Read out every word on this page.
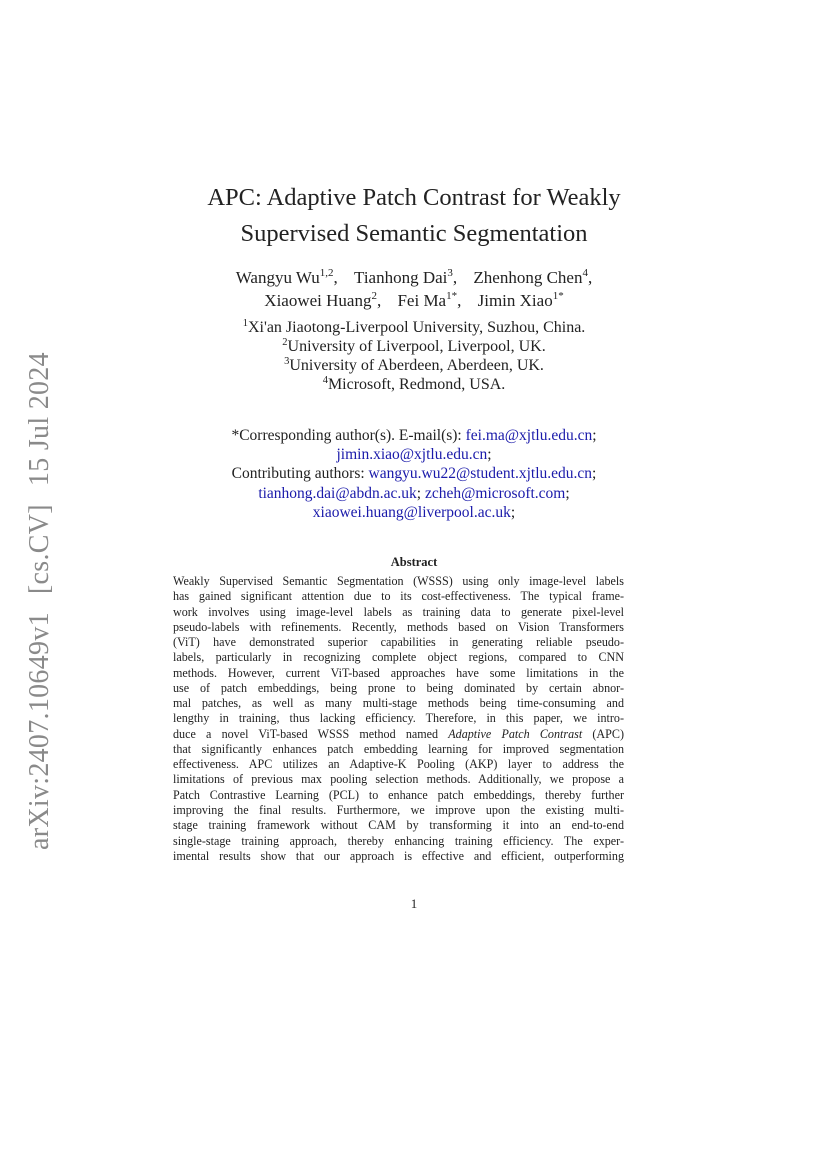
arXiv:2407.10649v1[cs.CV]15 Jul 2024
APC: Adaptive Patch Contrast for Weakly
Supervised Semantic Segmentation
Wangyu Wu$^{1,2}$, Tianhong Dai$^3$, Zhenhong Chen$^4$,
Xiaowei Huang$^2$, Fei $Ma^{1*}$, Jimin Xiao$^{1*}$
$^1$Xi'an Jiaotong-Liverpool University, Suzhou, China.
$^2$University of Liverpool, Liverpool, UK.
$^3$University of Aberdeen, Aberdeen, UK.
$^4$Microsoft, Redmond, USA.
*Corresponding author(s). E-mail(s): fei.ma@xjtlu.edu.cn;
jimin.xiao@xjtlu.edu.cn;
Contributing authors: wangyu.wu22@student.xjtlu.edu.cn;
tianhong.dai@abdn.ac.uk; zcheh@microsoft.com;
xiaowei.huang@liverpool.ac.uk;
Abstract
Weakly Supervised Semantic Segmentation (WSSS) using only image-level labels
has gained significant attention due to its cost-effectiveness. The typical frame-
work involves using image-level labels as training data to generate pixel-level
pseudo-labels with refinements. Recently, methods based on Vision Transformers
(ViT) have demonstrated superior capabilities in generating reliable pseudo-
labels, particularly in recognizing complete object regions, compared to CNN
methods. However, current ViT-based approaches have some limitations in the
use of patch embeddings, being prone to being dominated by certain abnor-
mal patches, as well as many multi-stage methods being time-consuming and
lengthy in training, thus lacking efficiency. Therefore, in this paper, we intro-
duce a novel ViT-based WSSS method named Adaptive Patch Contrast (APC)
that significantly enhances patch embedding learning for improved segmentation
effectiveness. APC utilizes an Adaptive-K Pooling (AKP) layer to address the
limitations of previous max pooling selection methods. Additionally, we propose a
Patch Contrastive Learning (PCL) to enhance patch embeddings, thereby further
improving the final results. Furthermore, we improve upon the existing multi-
stage training framework without CAM by transforming it into an end-to-end
single-stage training approach, thereby enhancing training efficiency. The exper-
imental results show that our approach is effective and efficient, outperforming
1
